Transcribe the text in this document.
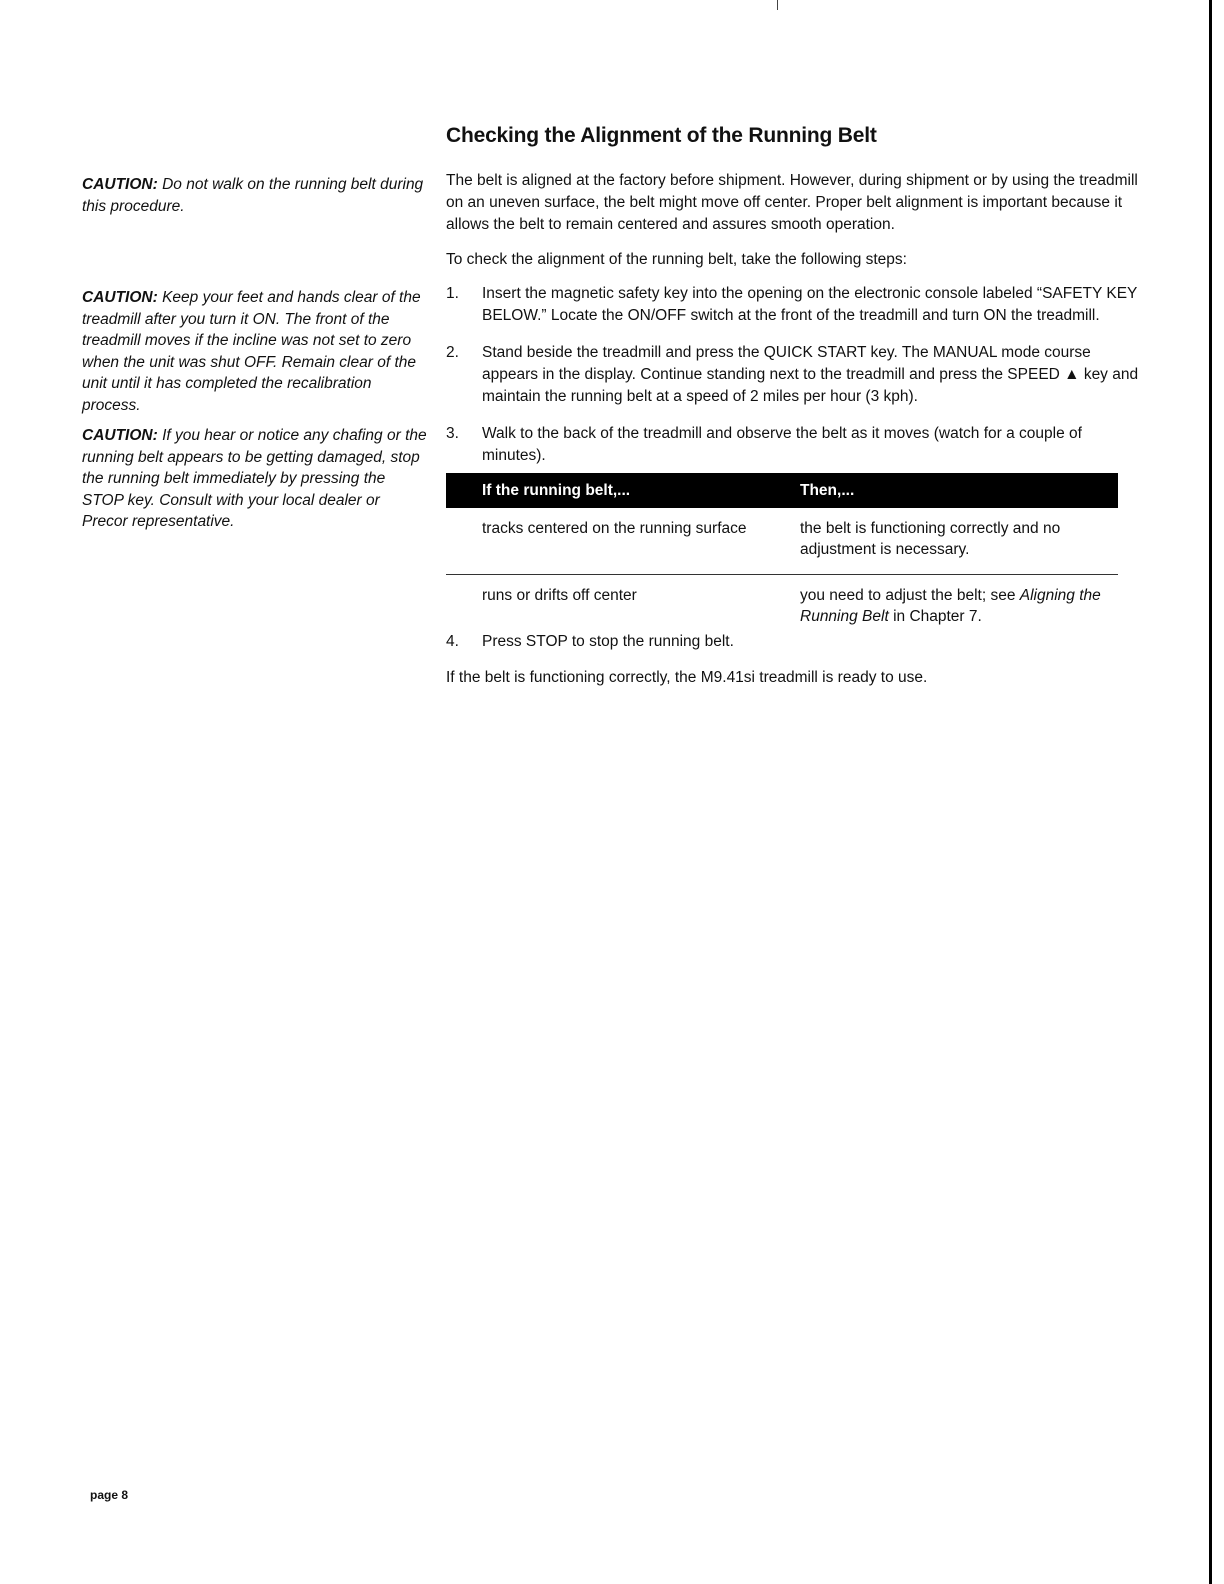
Checking the Alignment of the Running Belt
CAUTION: Do not walk on the running belt during this procedure.
CAUTION: Keep your feet and hands clear of the treadmill after you turn it ON. The front of the treadmill moves if the incline was not set to zero when the unit was shut OFF. Remain clear of the unit until it has completed the recalibration process.
CAUTION: If you hear or notice any chafing or the running belt appears to be getting damaged, stop the running belt immediately by pressing the STOP key. Consult with your local dealer or Precor representative.

The belt is aligned at the factory before shipment. However, during shipment or by using the treadmill on an uneven surface, the belt might move off center. Proper belt alignment is important because it allows the belt to remain centered and assures smooth operation.

To check the alignment of the running belt, take the following steps:

1.	Insert the magnetic safety key into the opening on the electronic console labeled “SAFETY KEY BELOW.” Locate the ON/OFF switch at the front of the treadmill and turn ON the treadmill.
2.	Stand beside the treadmill and press the QUICK START key. The MANUAL mode course appears in the display. Continue standing next to the treadmill and press the SPEED ▲ key and maintain the running belt at a speed of 2 miles per hour (3 kph).
3.	Walk to the back of the treadmill and observe the belt as it moves (watch for a couple of minutes).
If the running belt,...	Then,...
tracks centered on the running surface	the belt is functioning correctly and no adjustment is necessary.
runs or drifts off center	you need to adjust the belt; see Aligning the Running Belt in Chapter 7.
4.	Press STOP to stop the running belt.

If the belt is functioning correctly, the M9.41si treadmill is ready to use.

page 8
